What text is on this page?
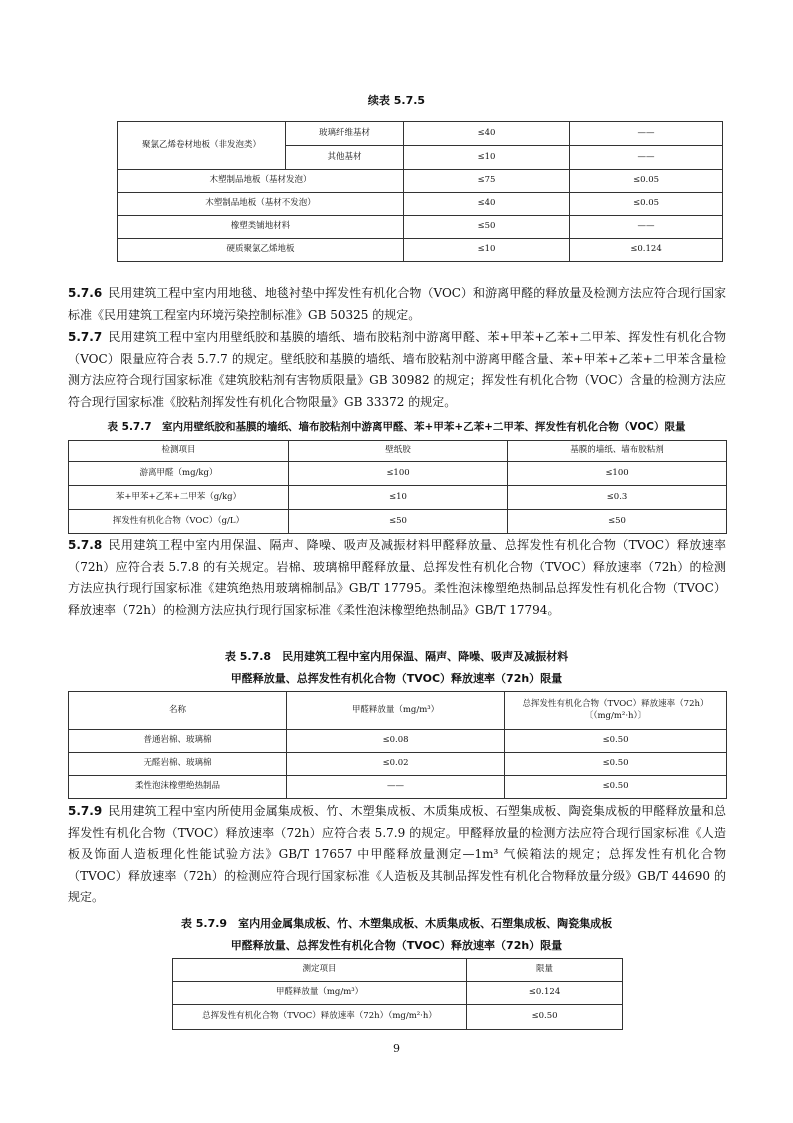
续表 5.7.5
聚氯乙烯卷材地板（非发泡类）	玻璃纤维基材	≤40	——
	其他基材	≤10	——
木塑制品地板（基材发泡）		≤75	≤0.05
木塑制品地板（基材不发泡）		≤40	≤0.05
橡塑类铺地材料		≤50	——
硬质聚氯乙烯地板		≤10	≤0.124
5.7.6 民用建筑工程中室内用地毯、地毯衬垫中挥发性有机化合物（VOC）和游离甲醛的释放量及检测方法应符合现行国家标准《民用建筑工程室内环境污染控制标准》GB 50325 的规定。
5.7.7 民用建筑工程中室内用壁纸胶和基膜的墙纸、墙布胶粘剂中游离甲醛、苯+甲苯+乙苯+二甲苯、挥发性有机化合物（VOC）限量应符合表 5.7.7 的规定。壁纸胶和基膜的墙纸、墙布胶粘剂中游离甲醛含量、苯+甲苯+乙苯+二甲苯含量检测方法应符合现行国家标准《建筑胶粘剂有害物质限量》GB 30982 的规定；挥发性有机化合物（VOC）含量的检测方法应符合现行国家标准《胶粘剂挥发性有机化合物限量》GB 33372 的规定。
表 5.7.7　室内用壁纸胶和基膜的墙纸、墙布胶粘剂中游离甲醛、苯+甲苯+乙苯+二甲苯、挥发性有机化合物（VOC）限量
检测项目	壁纸胶	基膜的墙纸、墙布胶粘剂
游离甲醛（mg/kg）	≤100	≤100
苯+甲苯+乙苯+二甲苯（g/kg）	≤10	≤0.3
挥发性有机化合物（VOC）（g/L）	≤50	≤50
5.7.8 民用建筑工程中室内用保温、隔声、降噪、吸声及减振材料甲醛释放量、总挥发性有机化合物（TVOC）释放速率（72h）应符合表 5.7.8 的有关规定。岩棉、玻璃棉甲醛释放量、总挥发性有机化合物（TVOC）释放速率（72h）的检测方法应执行现行国家标准《建筑绝热用玻璃棉制品》GB/T 17795。柔性泡沫橡塑绝热制品总挥发性有机化合物（TVOC）释放速率（72h）的检测方法应执行现行国家标准《柔性泡沫橡塑绝热制品》GB/T 17794。
表 5.7.8　民用建筑工程中室内用保温、隔声、降噪、吸声及减振材料
甲醛释放量、总挥发性有机化合物（TVOC）释放速率（72h）限量
名称	甲醛释放量（mg/m³）	总挥发性有机化合物（TVOC）释放速率（72h）〔（mg/m²·h）〕
普通岩棉、玻璃棉	≤0.08	≤0.50
无醛岩棉、玻璃棉	≤0.02	≤0.50
柔性泡沫橡塑绝热制品	——	≤0.50
5.7.9 民用建筑工程中室内所使用金属集成板、竹、木塑集成板、木质集成板、石塑集成板、陶瓷集成板的甲醛释放量和总挥发性有机化合物（TVOC）释放速率（72h）应符合表 5.7.9 的规定。甲醛释放量的检测方法应符合现行国家标准《人造板及饰面人造板理化性能试验方法》GB/T 17657 中甲醛释放量测定—1m³ 气候箱法的规定；总挥发性有机化合物（TVOC）释放速率（72h）的检测应符合现行国家标准《人造板及其制品挥发性有机化合物释放量分级》GB/T 44690 的规定。
表 5.7.9　室内用金属集成板、竹、木塑集成板、木质集成板、石塑集成板、陶瓷集成板
甲醛释放量、总挥发性有机化合物（TVOC）释放速率（72h）限量
测定项目	限量
甲醛释放量（mg/m³）	≤0.124
总挥发性有机化合物（TVOC）释放速率（72h）（mg/m²·h）	≤0.50
9
